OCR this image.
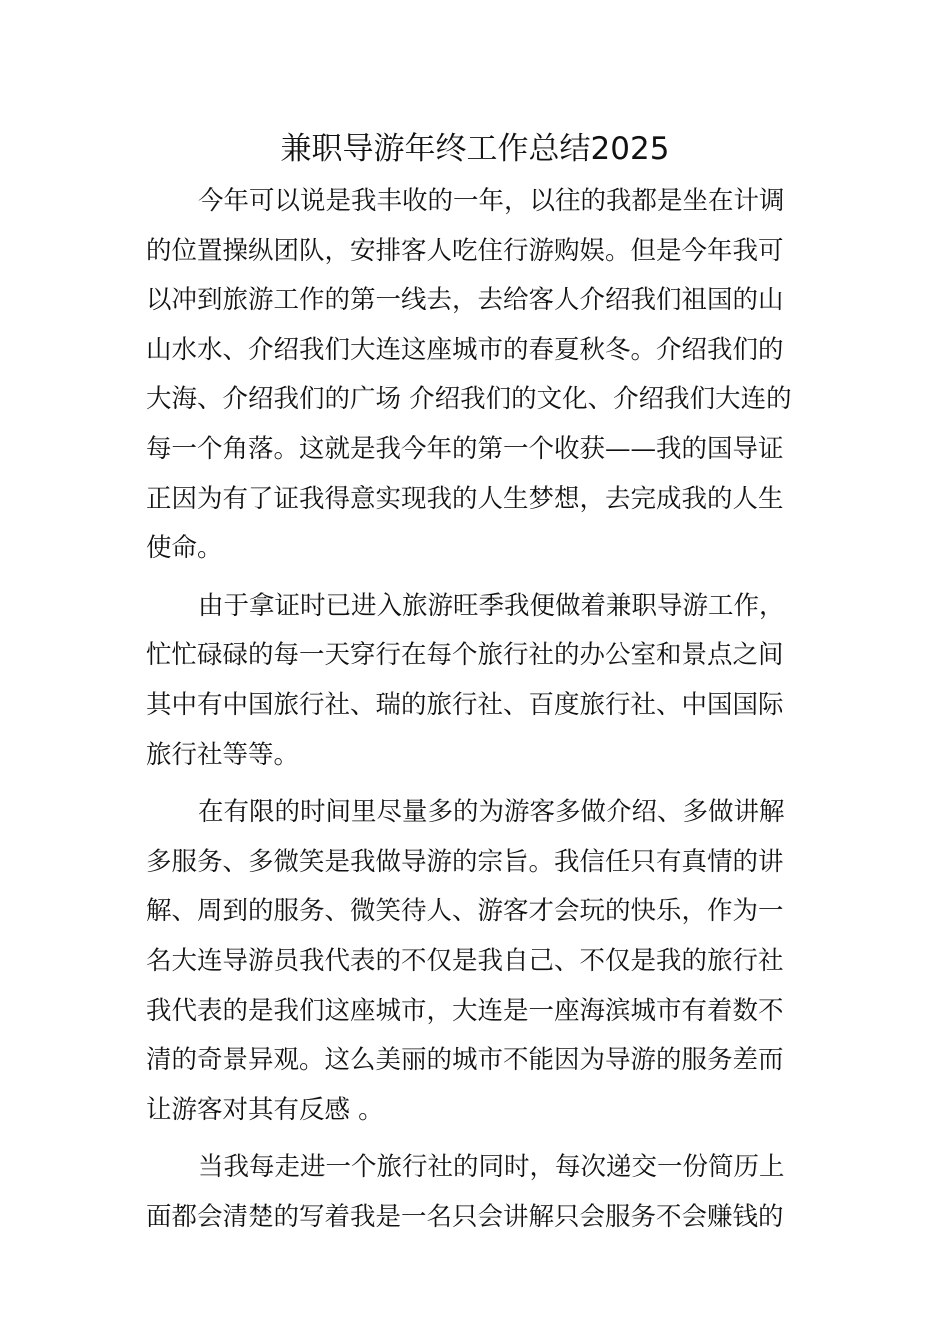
兼职导游年终工作总结2025

今年可以说是我丰收的一年，以往的我都是坐在计调
的位置操纵团队，安排客人吃住行游购娱。但是今年我可
以冲到旅游工作的第一线去，去给客人介绍我们祖国的山
山水水、介绍我们大连这座城市的春夏秋冬。介绍我们的
大海、介绍我们的广场 介绍我们的文化、介绍我们大连的
每一个角落。这就是我今年的第一个收获——我的国导证
正因为有了证我得意实现我的人生梦想，去完成我的人生
使命。

由于拿证时已进入旅游旺季我便做着兼职导游工作，
忙忙碌碌的每一天穿行在每个旅行社的办公室和景点之间
其中有中国旅行社、瑞的旅行社、百度旅行社、中国国际
旅行社等等。

在有限的时间里尽量多的为游客多做介绍、多做讲解
多服务、多微笑是我做导游的宗旨。我信任只有真情的讲
解、周到的服务、微笑待人、游客才会玩的快乐，作为一
名大连导游员我代表的不仅是我自己、不仅是我的旅行社
我代表的是我们这座城市，大连是一座海滨城市有着数不
清的奇景异观。这么美丽的城市不能因为导游的服务差而
让游客对其有反感 。

当我每走进一个旅行社的同时，每次递交一份简历上
面都会清楚的写着我是一名只会讲解只会服务不会赚钱的
